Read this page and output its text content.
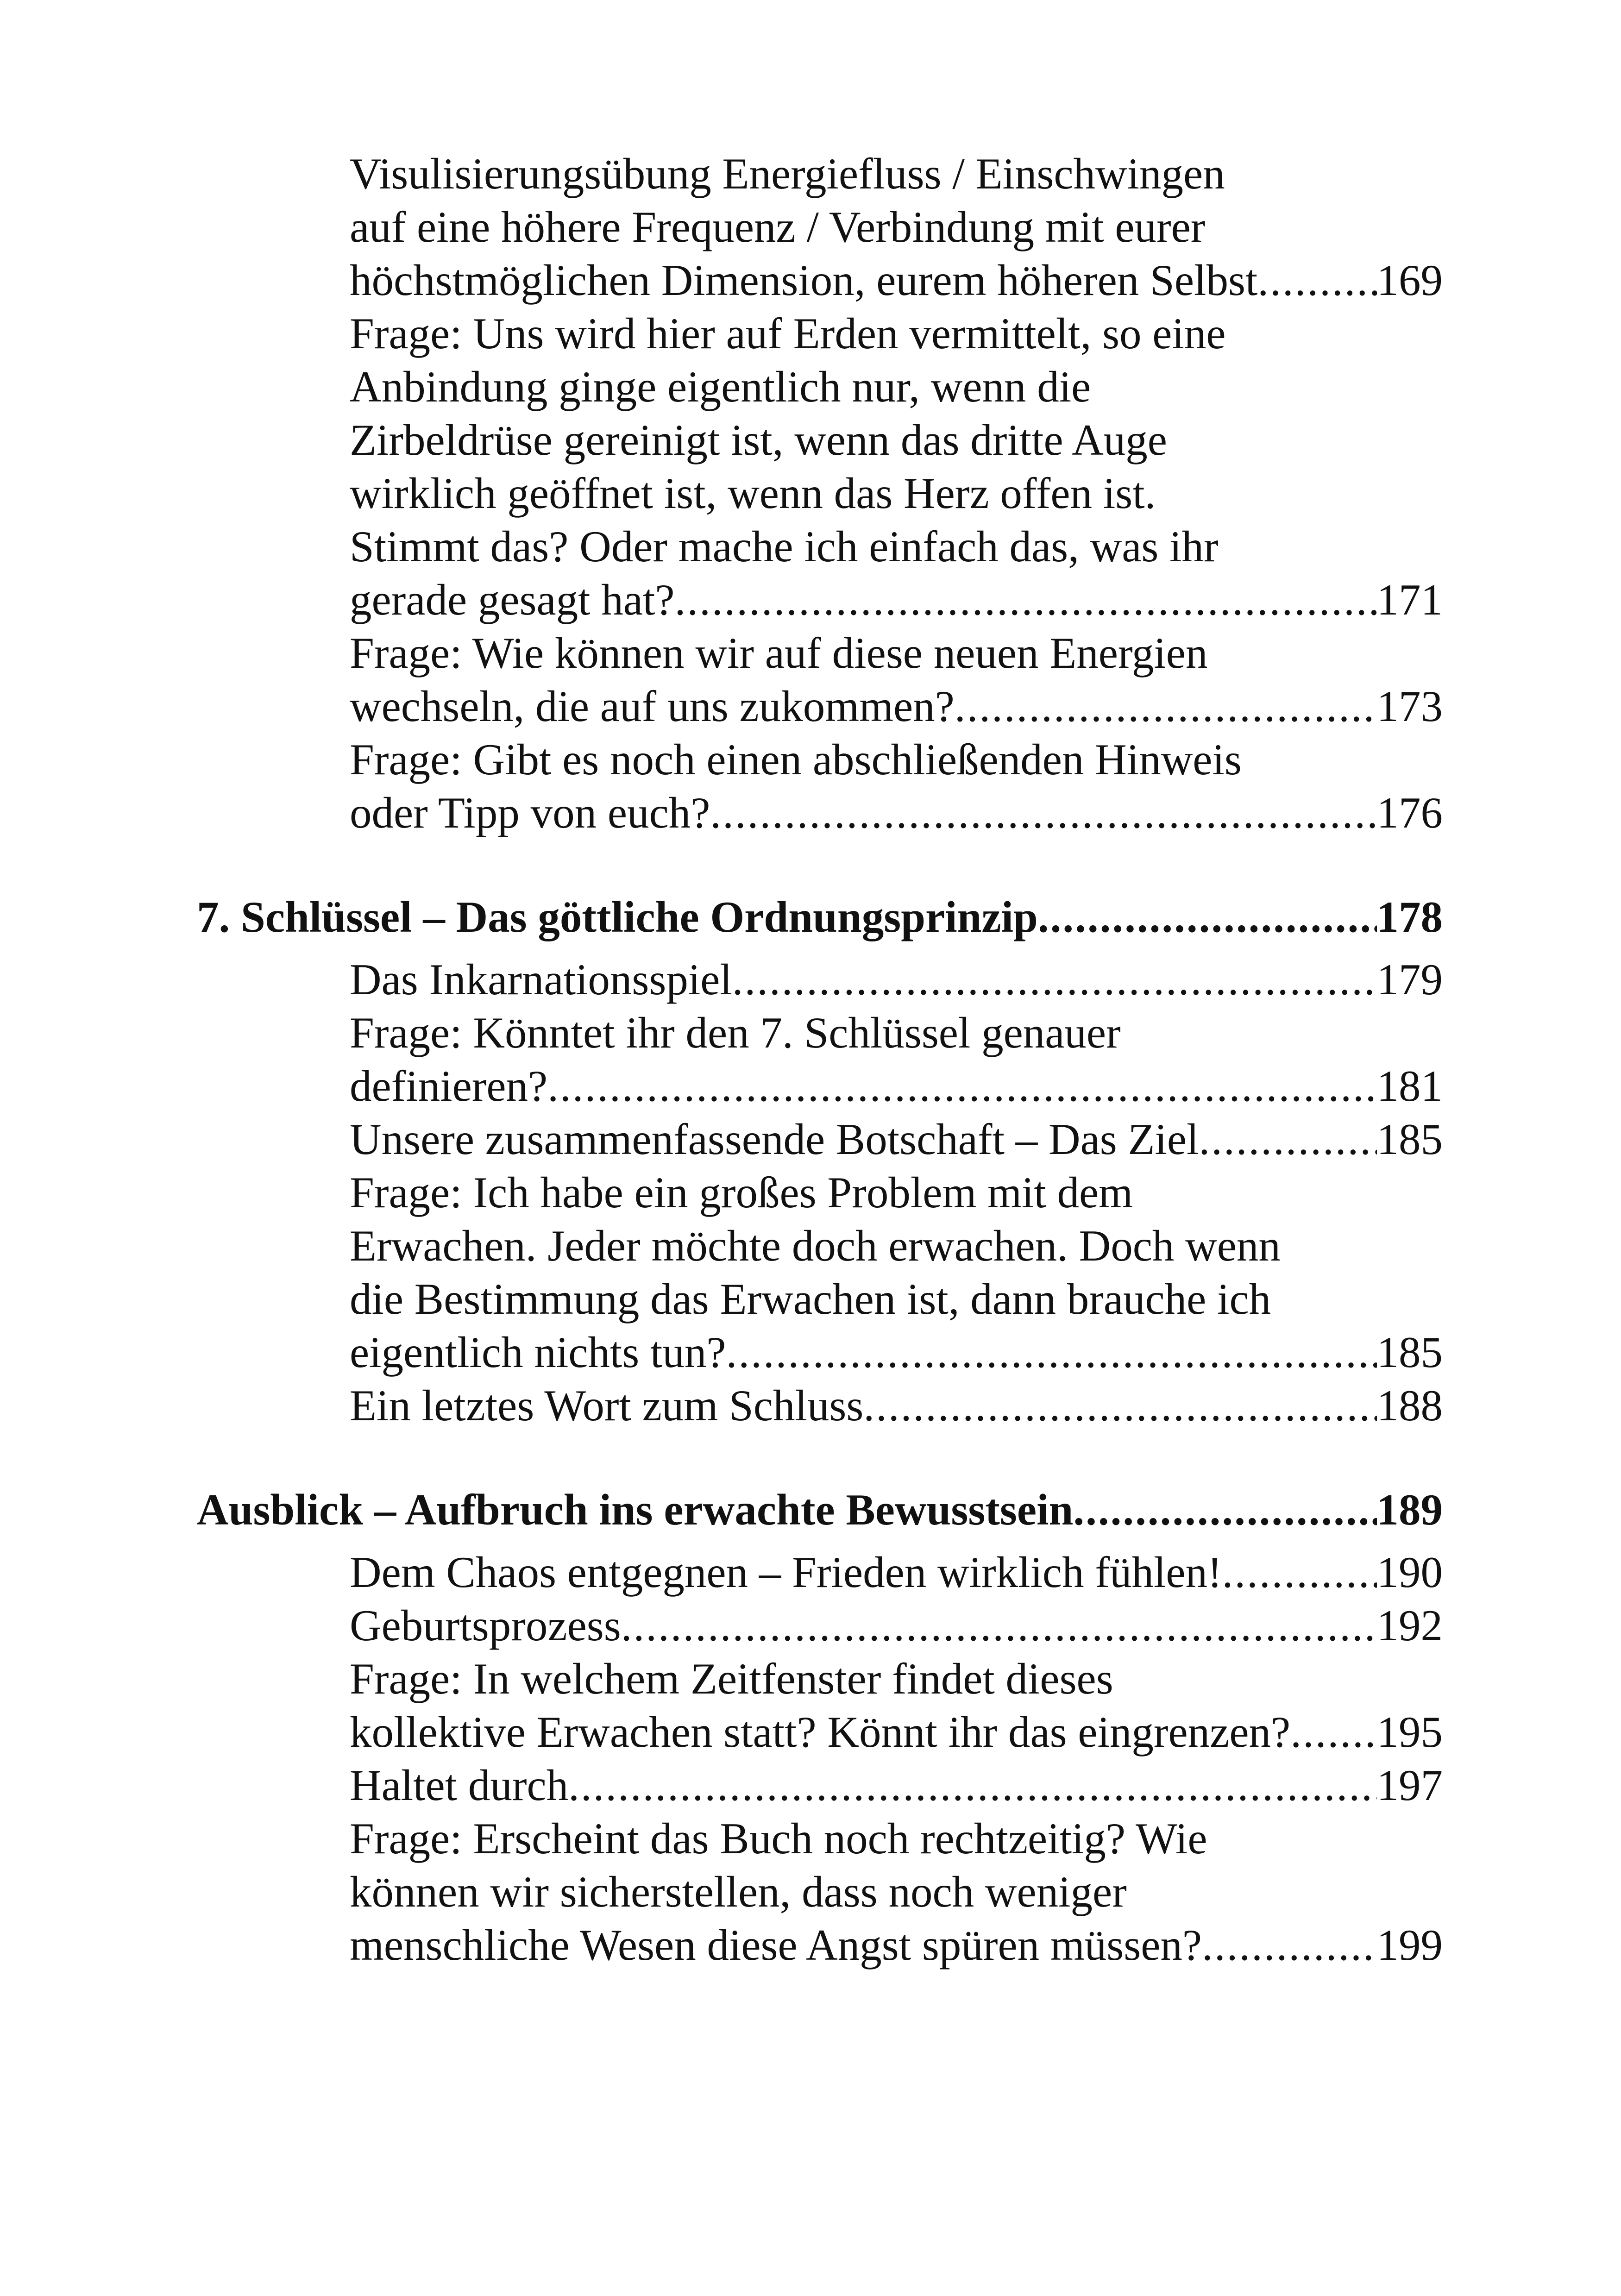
Visulisierungsübung Energiefluss / Einschwingen
auf eine höhere Frequenz / Verbindung mit eurer
höchstmöglichen Dimension, eurem höheren Selbst .....	169
Frage: Uns wird hier auf Erden vermittelt, so eine
Anbindung ginge eigentlich nur, wenn die
Zirbeldrüse gereinigt ist, wenn das dritte Auge
wirklich geöffnet ist, wenn das Herz offen ist.
Stimmt das? Oder mache ich einfach das, was ihr
gerade gesagt hat? .....	171
Frage: Wie können wir auf diese neuen Energien
wechseln, die auf uns zukommen? .....	173
Frage: Gibt es noch einen abschließenden Hinweis
oder Tipp von euch? .....	176
7. Schlüssel – Das göttliche Ordnungsprinzip .....	178
Das Inkarnationsspiel .....	179
Frage: Könntet ihr den 7. Schlüssel genauer
definieren? .....	181
Unsere zusammenfassende Botschaft – Das Ziel .....	185
Frage: Ich habe ein großes Problem mit dem
Erwachen. Jeder möchte doch erwachen. Doch wenn
die Bestimmung das Erwachen ist, dann brauche ich
eigentlich nichts tun? .....	185
Ein letztes Wort zum Schluss .....	188
Ausblick – Aufbruch ins erwachte Bewusstsein .....	189
Dem Chaos entgegnen – Frieden wirklich fühlen! .....	190
Geburtsprozess .....	192
Frage: In welchem Zeitfenster findet dieses
kollektive Erwachen statt? Könnt ihr das eingrenzen? ..... 195
Haltet durch .....	197
Frage: Erscheint das Buch noch rechtzeitig? Wie
können wir sicherstellen, dass noch weniger
menschliche Wesen diese Angst spüren müssen? .....	199
